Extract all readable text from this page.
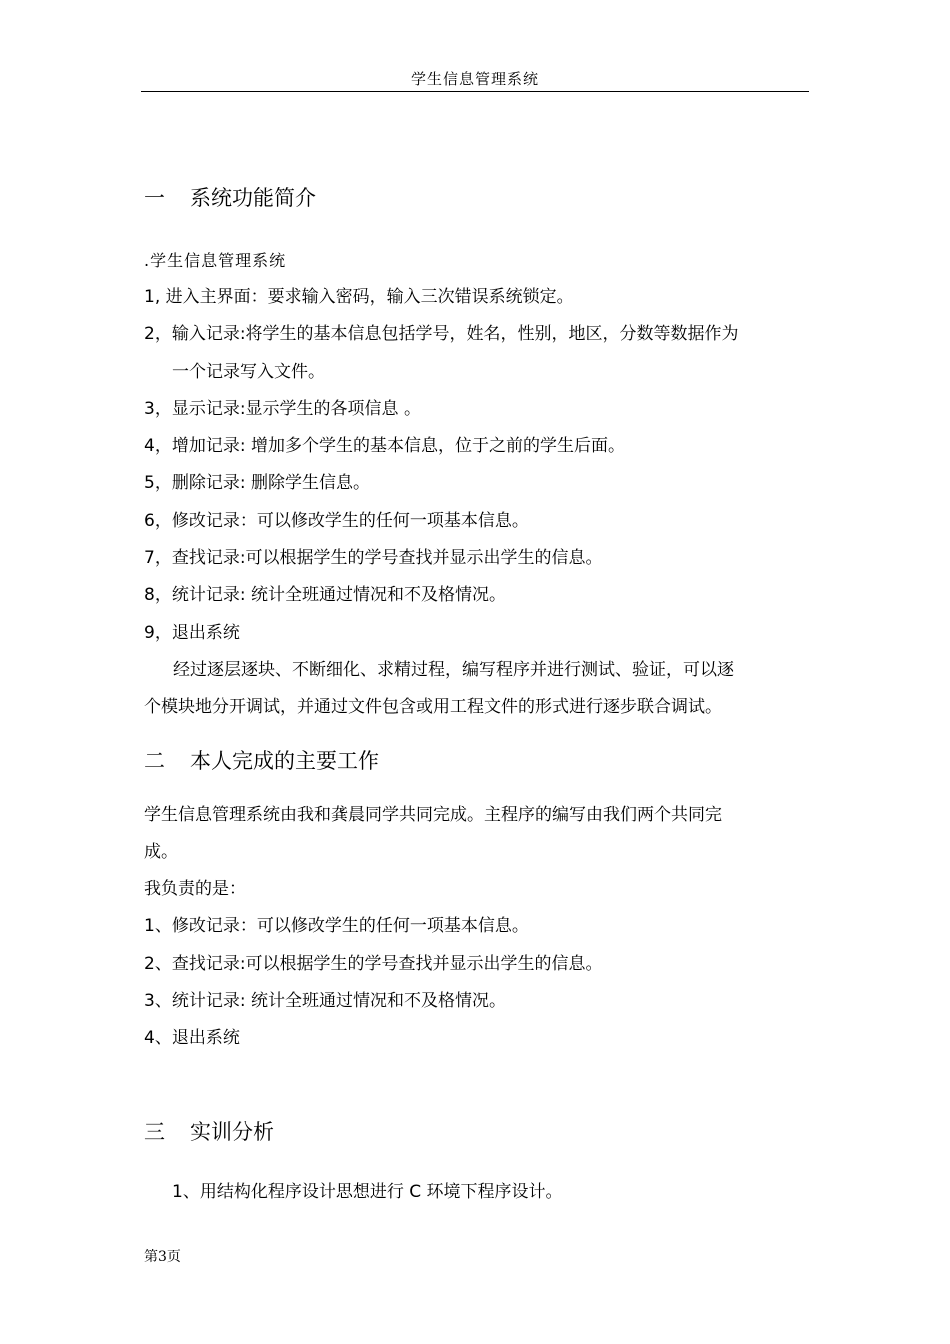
学生信息管理系统
一 系统功能简介
.学生信息管理系统
1, 进入主界面：要求输入密码，输入三次错误系统锁定。
2，输入记录:将学生的基本信息包括学号，姓名，性别，地区，分数等数据作为
一个记录写入文件。
3，显示记录:显示学生的各项信息 。
4，增加记录: 增加多个学生的基本信息，位于之前的学生后面。
5，删除记录: 删除学生信息。
6，修改记录：可以修改学生的任何一项基本信息。
7，查找记录:可以根据学生的学号查找并显示出学生的信息。
8，统计记录: 统计全班通过情况和不及格情况。
9，退出系统
经过逐层逐块、不断细化、求精过程，编写程序并进行测试、验证，可以逐
个模块地分开调试，并通过文件包含或用工程文件的形式进行逐步联合调试。
二 本人完成的主要工作
学生信息管理系统由我和龚晨同学共同完成。主程序的编写由我们两个共同完
成。
我负责的是：
1、修改记录：可以修改学生的任何一项基本信息。
2、查找记录:可以根据学生的学号查找并显示出学生的信息。
3、统计记录: 统计全班通过情况和不及格情况。
4、退出系统
三 实训分析
1、用结构化程序设计思想进行 C 环境下程序设计。
第3页
